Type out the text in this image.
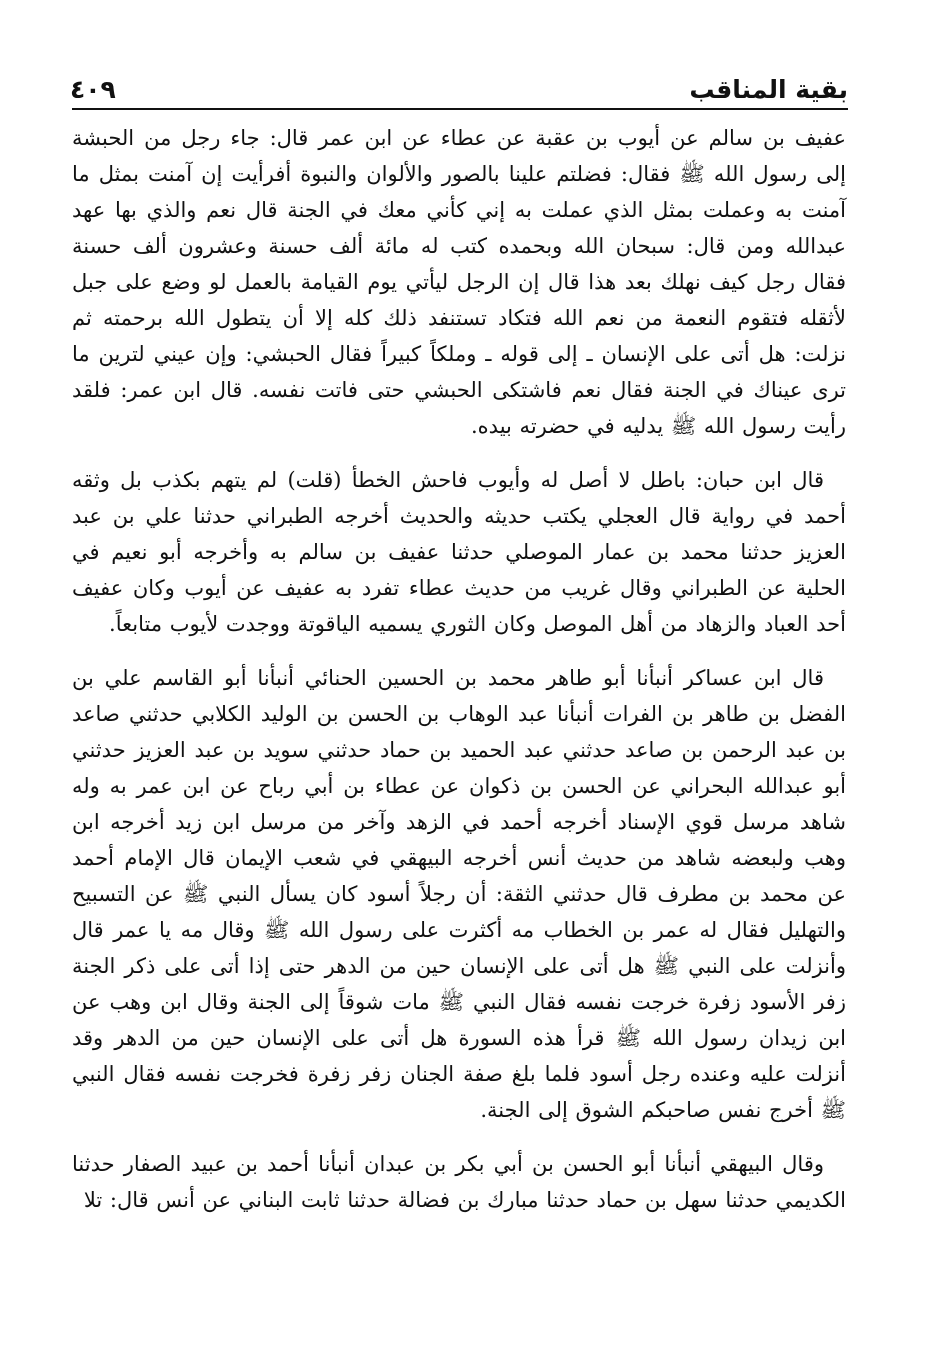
بقية المناقب
٤٠٩

عفيف بن سالم عن أيوب بن عقبة عن عطاء عن ابن عمر قال: جاء رجل من الحبشة إلى رسول الله ﷺ فقال: فضلتم علينا بالصور والألوان والنبوة أفرأيت إن آمنت بمثل ما آمنت به وعملت بمثل الذي عملت به إني كأني معك في الجنة قال نعم والذي بها عهد عبدالله ومن قال: سبحان الله وبحمده كتب له مائة ألف حسنة وعشرون ألف حسنة فقال رجل كيف نهلك بعد هذا قال إن الرجل ليأتي يوم القيامة بالعمل لو وضع على جبل لأثقله فتقوم النعمة من نعم الله فتكاد تستنفد ذلك كله إلا أن يتطول الله برحمته ثم نزلت: هل أتى على الإنسان ـ إلى قوله ـ وملكاً كبيراً فقال الحبشي: وإن عيني لترين ما ترى عيناك في الجنة فقال نعم فاشتكى الحبشي حتى فاتت نفسه. قال ابن عمر: فلقد رأيت رسول الله ﷺ يدليه في حضرته بيده.

قال ابن حبان: باطل لا أصل له وأيوب فاحش الخطأ (قلت) لم يتهم بكذب بل وثقه أحمد في رواية قال العجلي يكتب حديثه والحديث أخرجه الطبراني حدثنا علي بن عبد العزيز حدثنا محمد بن عمار الموصلي حدثنا عفيف بن سالم به وأخرجه أبو نعيم في الحلية عن الطبراني وقال غريب من حديث عطاء تفرد به عفيف عن أيوب وكان عفيف أحد العباد والزهاد من أهل الموصل وكان الثوري يسميه الياقوتة ووجدت لأيوب متابعاً.

قال ابن عساكر أنبأنا أبو طاهر محمد بن الحسين الحنائي أنبأنا أبو القاسم علي بن الفضل بن طاهر بن الفرات أنبأنا عبد الوهاب بن الحسن بن الوليد الكلابي حدثني صاعد بن عبد الرحمن بن صاعد حدثني عبد الحميد بن حماد حدثني سويد بن عبد العزيز حدثني أبو عبدالله البحراني عن الحسن بن ذكوان عن عطاء بن أبي رباح عن ابن عمر به وله شاهد مرسل قوي الإسناد أخرجه أحمد في الزهد وآخر من مرسل ابن زيد أخرجه ابن وهب ولبعضه شاهد من حديث أنس أخرجه البيهقي في شعب الإيمان قال الإمام أحمد عن محمد بن مطرف قال حدثني الثقة: أن رجلاً أسود كان يسأل النبي ﷺ عن التسبيح والتهليل فقال له عمر بن الخطاب مه أكثرت على رسول الله ﷺ وقال مه يا عمر قال وأنزلت على النبي ﷺ هل أتى على الإنسان حين من الدهر حتى إذا أتى على ذكر الجنة زفر الأسود زفرة خرجت نفسه فقال النبي ﷺ مات شوقاً إلى الجنة وقال ابن وهب عن ابن زيدان رسول الله ﷺ قرأ هذه السورة هل أتى على الإنسان حين من الدهر وقد أنزلت عليه وعنده رجل أسود فلما بلغ صفة الجنان زفر زفرة فخرجت نفسه فقال النبي ﷺ أخرج نفس صاحبكم الشوق إلى الجنة.

وقال البيهقي أنبأنا أبو الحسن بن أبي بكر بن عبدان أنبأنا أحمد بن عبيد الصفار حدثنا الكديمي حدثنا سهل بن حماد حدثنا مبارك بن فضالة حدثنا ثابت البناني عن أنس قال: تلا
